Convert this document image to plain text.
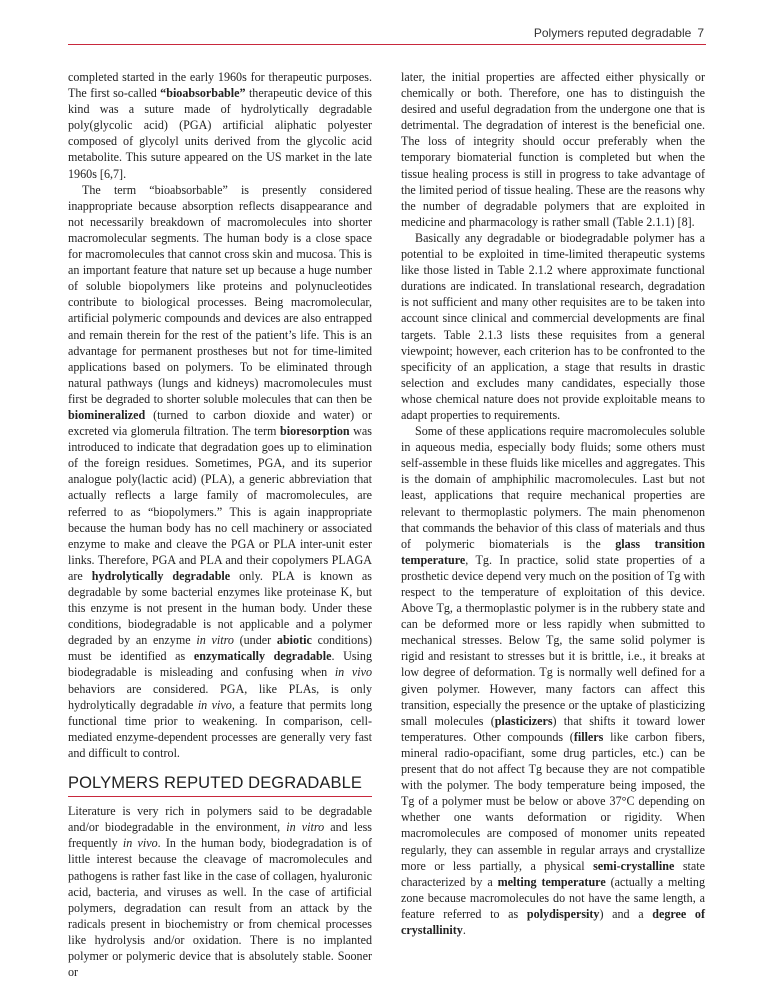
Polymers reputed degradable 7

completed started in the early 1960s for therapeutic purposes. The first so-called “bioabsorbable” therapeutic device of this kind was a suture made of hydrolytically degradable poly(glycolic acid) (PGA) artificial aliphatic polyester composed of glycolyl units derived from the glycolic acid metabolite. This suture appeared on the US market in the late 1960s [6,7].

The term “bioabsorbable” is presently considered inappropriate because absorption reflects disappearance and not necessarily breakdown of macromolecules into shorter macromolecular segments. The human body is a close space for macromolecules that cannot cross skin and mucosa. This is an important feature that nature set up because a huge number of soluble biopolymers like proteins and polynucleotides contribute to biological processes. Being macromolecular, artificial polymeric compounds and devices are also entrapped and remain therein for the rest of the patient’s life. This is an advantage for permanent prostheses but not for time-limited applications based on polymers. To be eliminated through natural pathways (lungs and kidneys) macromolecules must first be degraded to shorter soluble molecules that can then be biomineralized (turned to carbon dioxide and water) or excreted via glomerula filtration. The term bioresorption was introduced to indicate that degradation goes up to elimination of the foreign residues. Sometimes, PGA, and its superior analogue poly(lactic acid) (PLA), a generic abbreviation that actually reflects a large family of macromolecules, are referred to as “biopolymers.” This is again inappropriate because the human body has no cell machinery or associated enzyme to make and cleave the PGA or PLA inter-unit ester links. Therefore, PGA and PLA and their copolymers PLAGA are hydrolytically degradable only. PLA is known as degradable by some bacterial enzymes like proteinase K, but this enzyme is not present in the human body. Under these conditions, biodegradable is not applicable and a polymer degraded by an enzyme in vitro (under abiotic conditions) must be identified as enzymatically degradable. Using biodegradable is misleading and confusing when in vivo behaviors are considered. PGA, like PLAs, is only hydrolytically degradable in vivo, a feature that permits long functional time prior to weakening. In comparison, cell-mediated enzyme-dependent processes are generally very fast and difficult to control.

POLYMERS REPUTED DEGRADABLE

Literature is very rich in polymers said to be degradable and/or biodegradable in the environment, in vitro and less frequently in vivo. In the human body, biodegradation is of little interest because the cleavage of macromolecules and pathogens is rather fast like in the case of collagen, hyaluronic acid, bacteria, and viruses as well. In the case of artificial polymers, degradation can result from an attack by the radicals present in biochemistry or from chemical processes like hydrolysis and/or oxidation. There is no implanted polymer or polymeric device that is absolutely stable. Sooner or

later, the initial properties are affected either physically or chemically or both. Therefore, one has to distinguish the desired and useful degradation from the undergone one that is detrimental. The degradation of interest is the beneficial one. The loss of integrity should occur preferably when the temporary biomaterial function is completed but when the tissue healing process is still in progress to take advantage of the limited period of tissue healing. These are the reasons why the number of degradable polymers that are exploited in medicine and pharmacology is rather small (Table 2.1.1) [8].

Basically any degradable or biodegradable polymer has a potential to be exploited in time-limited therapeutic systems like those listed in Table 2.1.2 where approximate functional durations are indicated. In translational research, degradation is not sufficient and many other requisites are to be taken into account since clinical and commercial developments are final targets. Table 2.1.3 lists these requisites from a general viewpoint; however, each criterion has to be confronted to the specificity of an application, a stage that results in drastic selection and excludes many candidates, especially those whose chemical nature does not provide exploitable means to adapt properties to requirements.

Some of these applications require macromolecules soluble in aqueous media, especially body fluids; some others must self-assemble in these fluids like micelles and aggregates. This is the domain of amphiphilic macromolecules. Last but not least, applications that require mechanical properties are relevant to thermoplastic polymers. The main phenomenon that commands the behavior of this class of materials and thus of polymeric biomaterials is the glass transition temperature, Tg. In practice, solid state properties of a prosthetic device depend very much on the position of Tg with respect to the temperature of exploitation of this device. Above Tg, a thermoplastic polymer is in the rubbery state and can be deformed more or less rapidly when submitted to mechanical stresses. Below Tg, the same solid polymer is rigid and resistant to stresses but it is brittle, i.e., it breaks at low degree of deformation. Tg is normally well defined for a given polymer. However, many factors can affect this transition, especially the presence or the uptake of plasticizing small molecules (plasticizers) that shifts it toward lower temperatures. Other compounds (fillers like carbon fibers, mineral radio-opacifiant, some drug particles, etc.) can be present that do not affect Tg because they are not compatible with the polymer. The body temperature being imposed, the Tg of a polymer must be below or above 37°C depending on whether one wants deformation or rigidity. When macromolecules are composed of monomer units repeated regularly, they can assemble in regular arrays and crystallize more or less partially, a physical semi-crystalline state characterized by a melting temperature (actually a melting zone because macromolecules do not have the same length, a feature referred to as polydispersity) and a degree of crystallinity.
